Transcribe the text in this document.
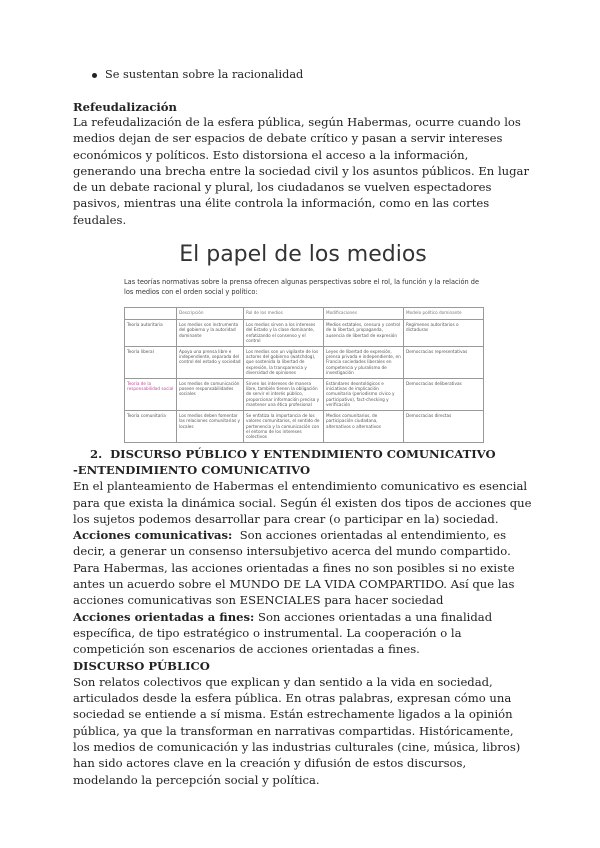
Se sustentan sobre la racionalidad
Refeudalización

La refeudalización de la esfera pública, según Habermas, ocurre cuando los medios dejan de ser espacios de debate crítico y pasan a servir intereses económicos y políticos. Esto distorsiona el acceso a la información, generando una brecha entre la sociedad civil y los asuntos públicos. En lugar de un debate racional y plural, los ciudadanos se vuelven espectadores pasivos, mientras una élite controla la información, como en las cortes feudales.

El papel de los medios

Las teorías normativas sobre la prensa ofrecen algunas perspectivas sobre el rol, la función y la relación de los medios con el orden social y político:

	Descripción	Rol de los medios	Modificaciones	Modelo político dominante
Teoría autoritaria	Los medios son instrumento del gobierno y la autoridad dominante	Los medios sirven a los intereses del Estado y la clase dominante, enfatizando el consenso y el control	Medios estatales, censura y control de la libertad, propaganda, ausencia de libertad de expresión	Regímenes autoritarios o dictaduras
Teoría liberal	Apoya una prensa libre e independiente, separada del control del estado y sociedad	Los medios son un vigilante de los actores del gobierno (watchdog), que sostenida la libertad de expresión, la transparencia y diversidad de opiniones	Leyes de libertad de expresión, prensa privada e independiente, en Francia sociedades liberales en competencia y pluralismo de investigación	Democracias representativas
Teoría de la responsabilidad social	Los medios de comunicación poseen responsabilidades sociales	Sirven los intereses de manera libre, también tienen la obligación de servir el interés público, proporcionar información precisa y mantener una ética profesional	Estándares deontológicos e iniciativas de implicación comunitaria (periodismo cívico y participativo), fact-checking y verificación	Democracias deliberativas
Teoría comunitaria	Los medios deben fomentar las relaciones comunitarias y locales	Se enfatiza la importancia de los valores comunitarios, el sentido de pertenencia y la comunicación con el entorno de los intereses colectivos	Medios comunitarios, de participación ciudadana, alternativos o alternativos	Democracias directas
2. DISCURSO PÚBLICO Y ENTENDIMIENTO COMUNICATIVO

-ENTENDIMIENTO COMUNICATIVO

En el planteamiento de Habermas el entendimiento comunicativo es esencial para que exista la dinámica social. Según él existen dos tipos de acciones que los sujetos podemos desarrollar para crear (o participar en la) sociedad.

Acciones comunicativas: Son acciones orientadas al entendimiento, es decir, a generar un consenso intersubjetivo acerca del mundo compartido. Para Habermas, las acciones orientadas a fines no son posibles si no existe antes un acuerdo sobre el MUNDO DE LA VIDA COMPARTIDO. Así que las acciones comunicativas son ESENCIALES para hacer sociedad

Acciones orientadas a fines: Son acciones orientadas a una finalidad específica, de tipo estratégico o instrumental. La cooperación o la competición son escenarios de acciones orientadas a fines.

DISCURSO PÚBLICO

Son relatos colectivos que explican y dan sentido a la vida en sociedad, articulados desde la esfera pública. En otras palabras, expresan cómo una sociedad se entiende a sí misma. Están estrechamente ligados a la opinión pública, ya que la transforman en narrativas compartidas. Históricamente, los medios de comunicación y las industrias culturales (cine, música, libros) han sido actores clave en la creación y difusión de estos discursos, modelando la percepción social y política.
